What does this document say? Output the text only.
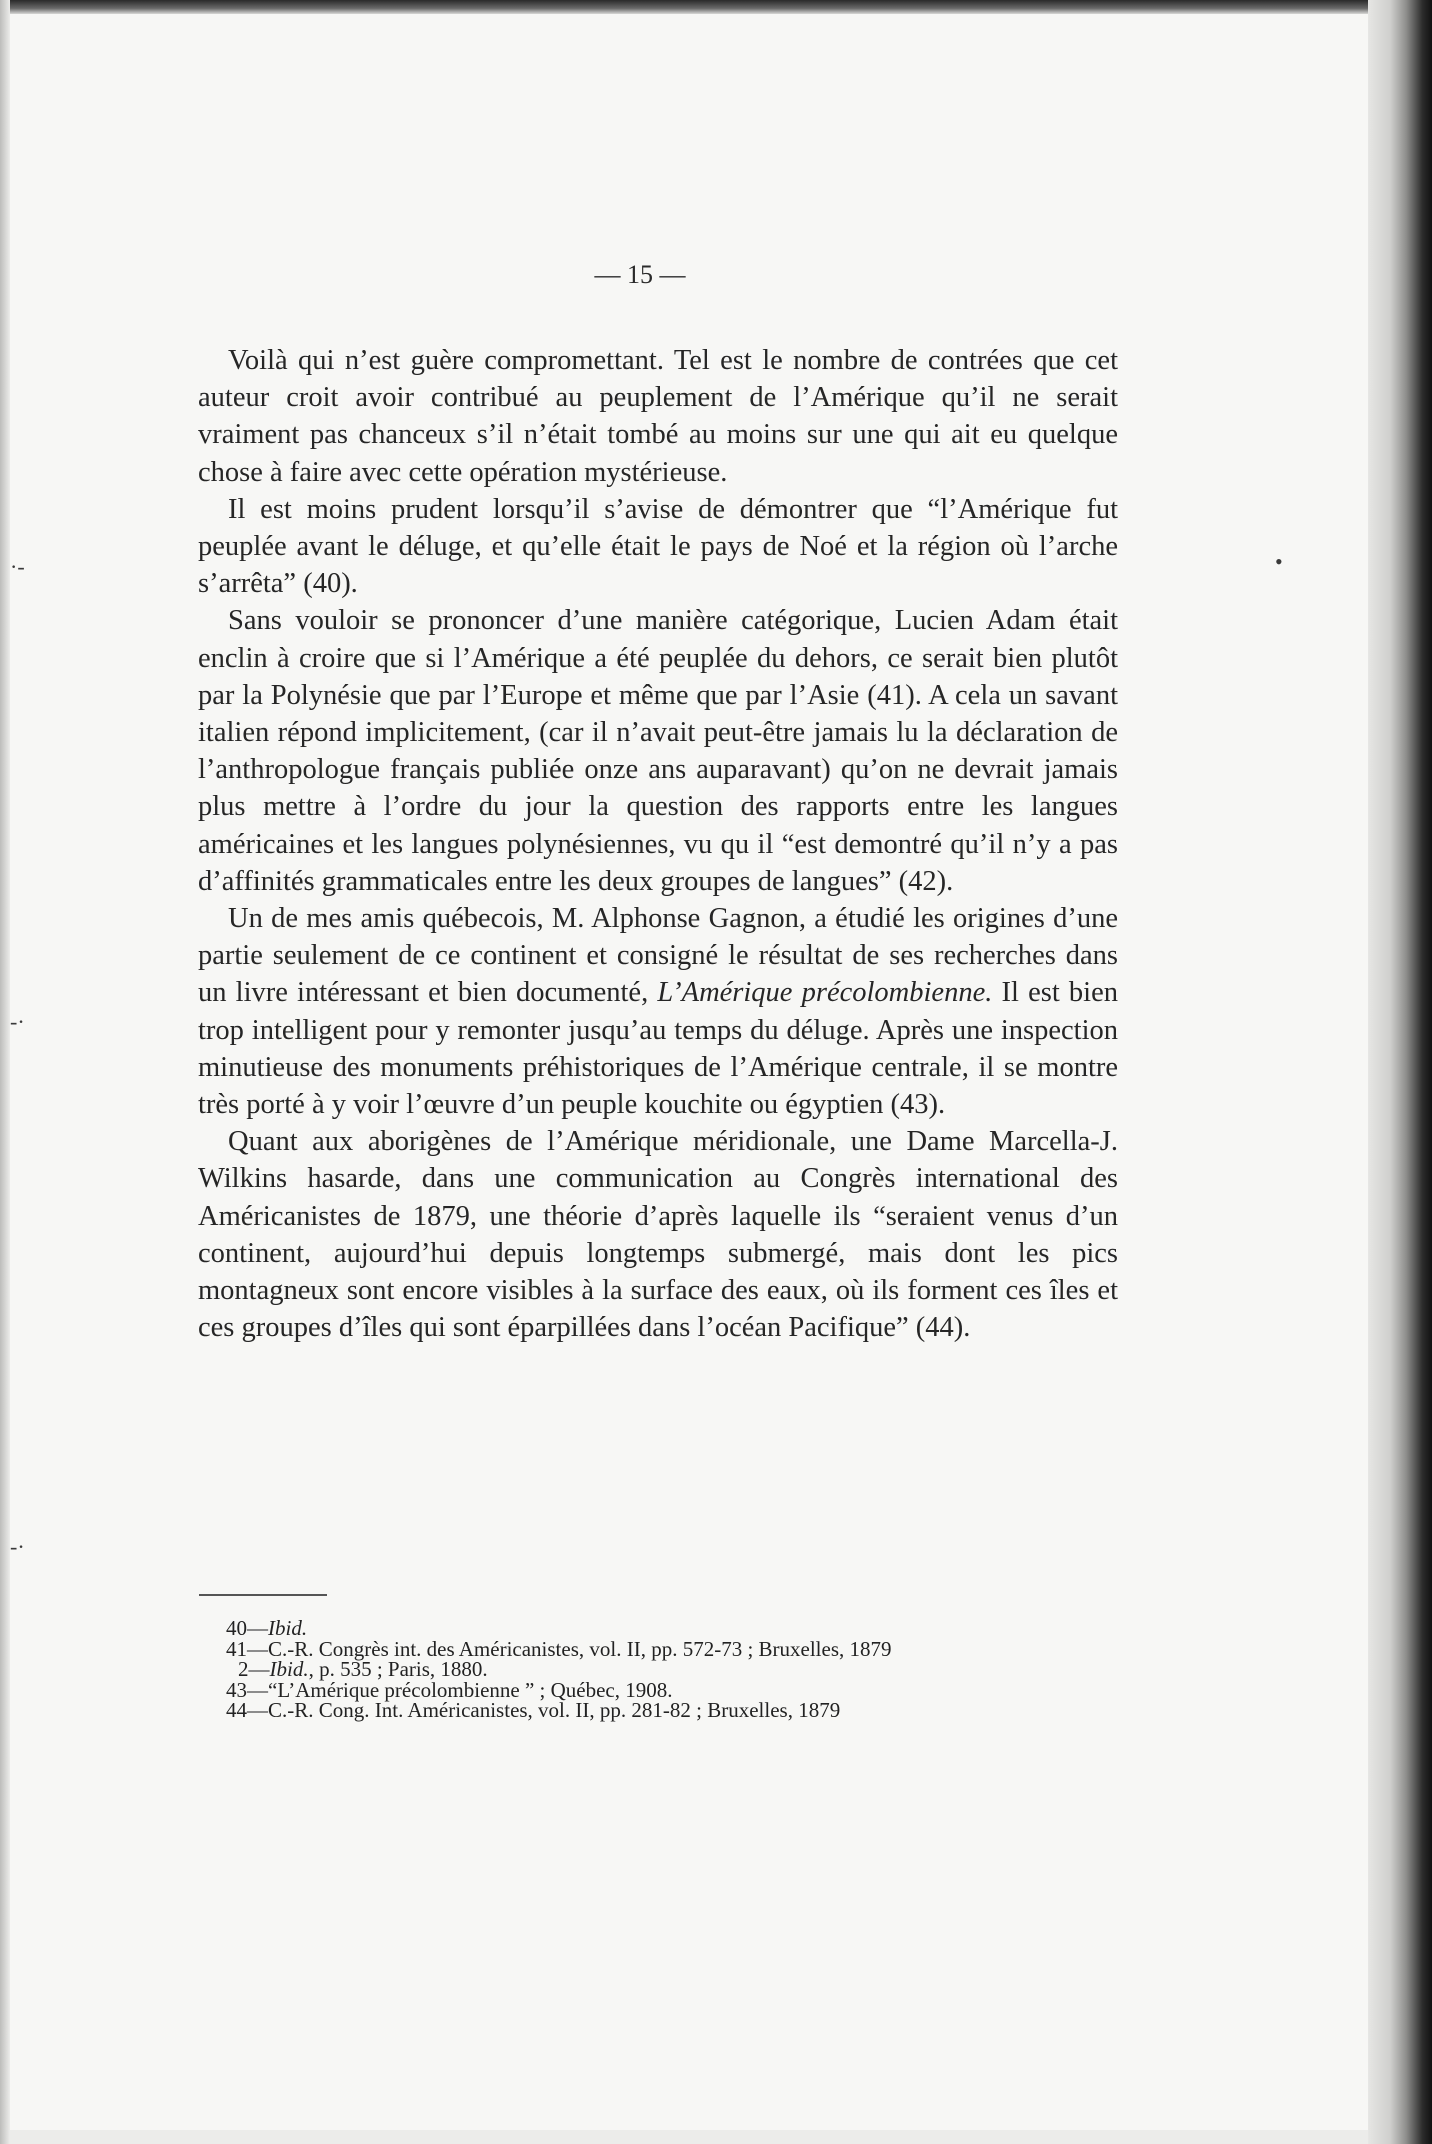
·-
-·
-·
•
— 15 —

Voilà qui n’est guère compromettant. Tel est le nombre de contrées que cet auteur croit avoir contribué au peuplement de l’Amérique qu’il ne serait vraiment pas chanceux s’il n’était tombé au moins sur une qui ait eu quelque chose à faire avec cette opération mystérieuse.

Il est moins prudent lorsqu’il s’avise de démontrer que “l’Amérique fut peuplée avant le déluge, et qu’elle était le pays de Noé et la région où l’arche s’arrêta” (40).

Sans vouloir se prononcer d’une manière catégorique, Lucien Adam était enclin à croire que si l’Amérique a été peuplée du dehors, ce serait bien plutôt par la Polynésie que par l’Europe et même que par l’Asie (41). A cela un savant italien répond implicitement, (car il n’avait peut-être jamais lu la déclaration de l’anthropologue français publiée onze ans auparavant) qu’on ne devrait jamais plus mettre à l’ordre du jour la question des rapports entre les langues américaines et les langues polynésiennes, vu qu il “est demontré qu’il n’y a pas d’affinités grammaticales entre les deux groupes de langues” (42).

Un de mes amis québecois, M. Alphonse Gagnon, a étudié les origines d’une partie seulement de ce continent et consigné le résultat de ses recherches dans un livre intéressant et bien documenté, L’Amérique précolombienne. Il est bien trop intelligent pour y remonter jusqu’au temps du déluge. Après une inspection minutieuse des monuments préhistoriques de l’Amérique centrale, il se montre très porté à y voir l’œuvre d’un peuple kouchite ou égyptien (43).

Quant aux aborigènes de l’Amérique méridionale, une Dame Marcella-J. Wilkins hasarde, dans une communication au Congrès international des Américanistes de 1879, une théorie d’après laquelle ils “seraient venus d’un continent, aujourd’hui depuis longtemps submergé, mais dont les pics montagneux sont encore visibles à la surface des eaux, où ils forment ces îles et ces groupes d’îles qui sont éparpillées dans l’océan Pacifique” (44).

40—Ibid.
41—C.-R. Congrès int. des Américanistes, vol. II, pp. 572-73 ; Bruxelles, 1879
2—Ibid., p. 535 ; Paris, 1880.
43—“L’Amérique précolombienne ” ; Québec, 1908.
44—C.-R. Cong. Int. Américanistes, vol. II, pp. 281-82 ; Bruxelles, 1879
